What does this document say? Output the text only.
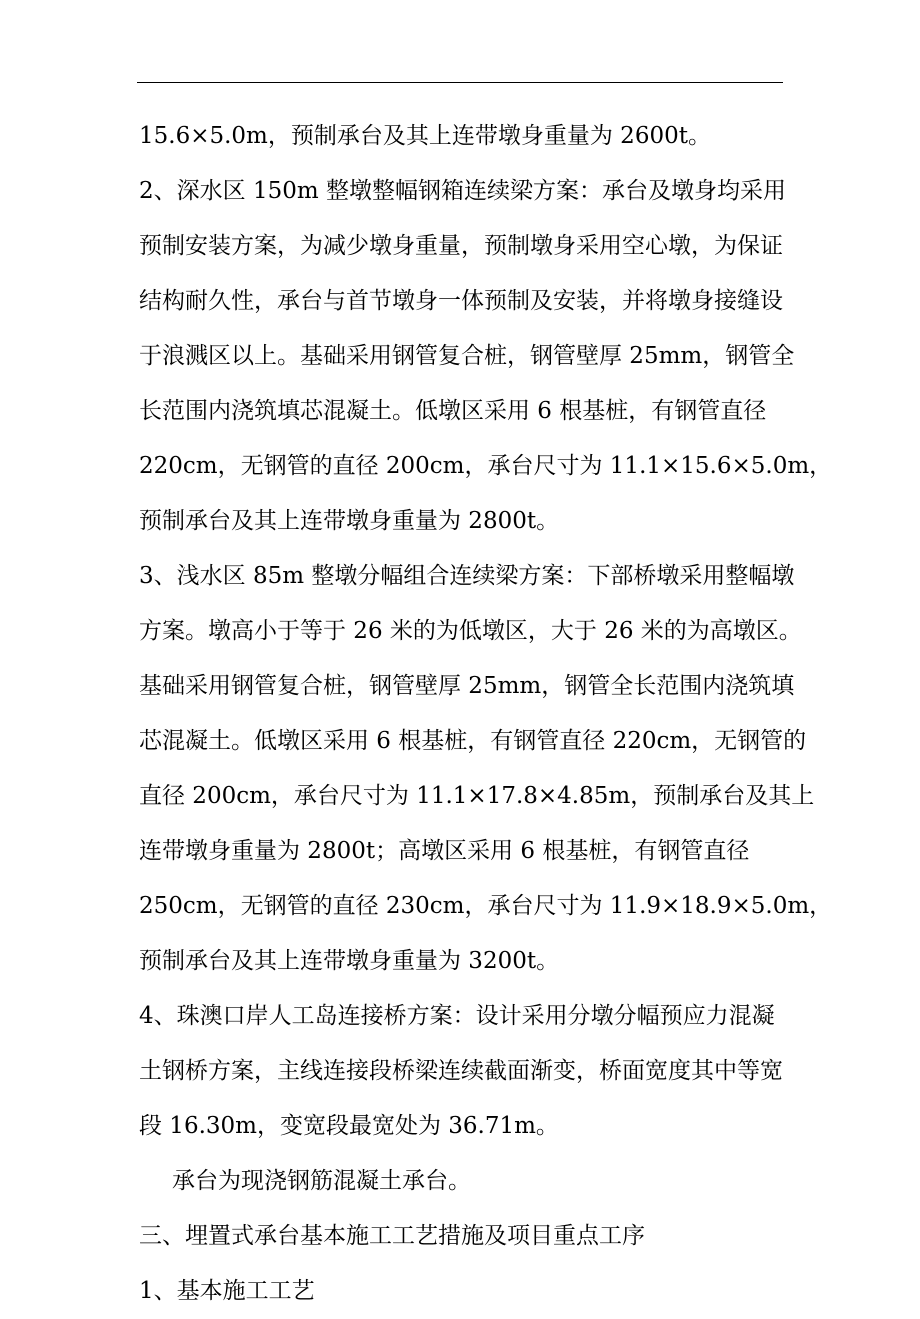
15.6×5.0m，预制承台及其上连带墩身重量为 2600t。
2、深水区 150m 整墩整幅钢箱连续梁方案：承台及墩身均采用
预制安装方案，为减少墩身重量，预制墩身采用空心墩，为保证
结构耐久性，承台与首节墩身一体预制及安装，并将墩身接缝设
于浪溅区以上。基础采用钢管复合桩，钢管壁厚 25mm，钢管全
长范围内浇筑填芯混凝土。低墩区采用 6 根基桩，有钢管直径
220cm，无钢管的直径 200cm，承台尺寸为 11.1×15.6×5.0m，
预制承台及其上连带墩身重量为 2800t。
3、浅水区 85m 整墩分幅组合连续梁方案：下部桥墩采用整幅墩
方案。墩高小于等于 26 米的为低墩区，大于 26 米的为高墩区。
基础采用钢管复合桩，钢管壁厚 25mm，钢管全长范围内浇筑填
芯混凝土。低墩区采用 6 根基桩，有钢管直径 220cm，无钢管的
直径 200cm，承台尺寸为 11.1×17.8×4.85m，预制承台及其上
连带墩身重量为 2800t；高墩区采用 6 根基桩，有钢管直径
250cm，无钢管的直径 230cm，承台尺寸为 11.9×18.9×5.0m，
预制承台及其上连带墩身重量为 3200t。
4、珠澳口岸人工岛连接桥方案：设计采用分墩分幅预应力混凝
土钢桥方案，主线连接段桥梁连续截面渐变，桥面宽度其中等宽
段 16.30m，变宽段最宽处为 36.71m。
承台为现浇钢筋混凝土承台。
三、埋置式承台基本施工工艺措施及项目重点工序
1、基本施工工艺
